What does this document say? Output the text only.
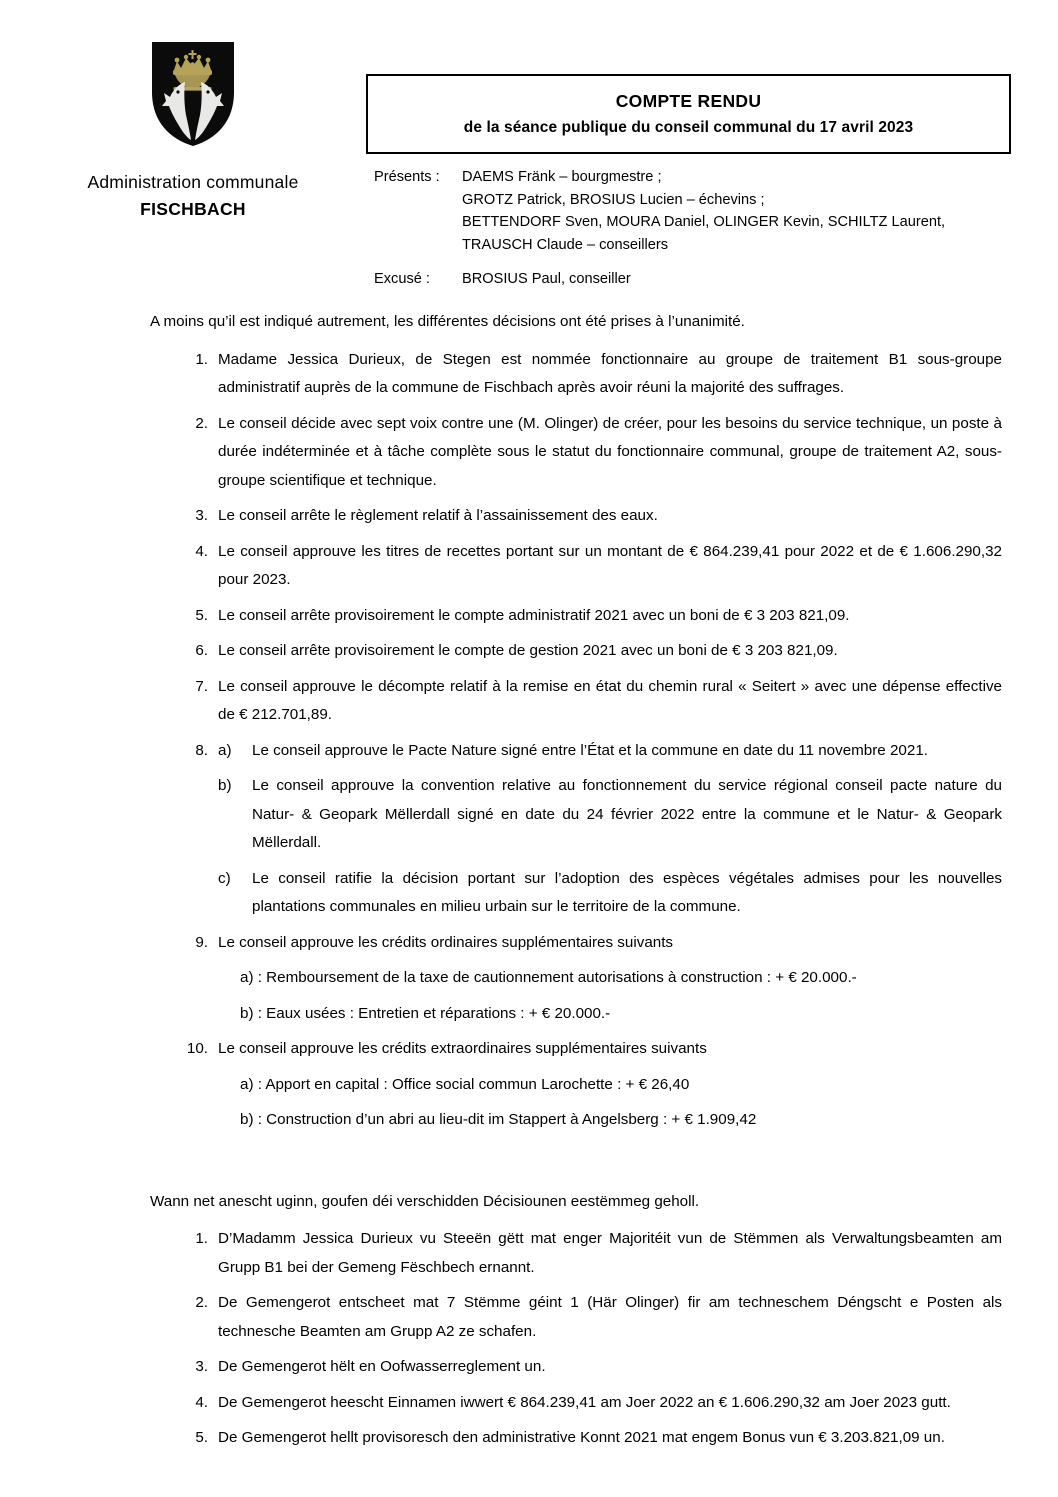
Administration communale
FISCHBACH
COMPTE RENDU
de la séance publique du conseil communal du 17 avril 2023
Présents :	DAEMS Fränk – bourgmestre ;
GROTZ Patrick, BROSIUS Lucien – échevins ;
BETTENDORF Sven, MOURA Daniel, OLINGER Kevin, SCHILTZ Laurent,
TRAUSCH Claude – conseillers
Excusé :	BROSIUS Paul, conseiller

A moins qu’il est indiqué autrement, les différentes décisions ont été prises à l’unanimité.

1. Madame Jessica Durieux, de Stegen est nommée fonctionnaire au groupe de traitement B1 sous-groupe administratif auprès de la commune de Fischbach après avoir réuni la majorité des suffrages.
2. Le conseil décide avec sept voix contre une (M. Olinger) de créer, pour les besoins du service technique, un poste à durée indéterminée et à tâche complète sous le statut du fonctionnaire communal, groupe de traitement A2, sous-groupe scientifique et technique.
3. Le conseil arrête le règlement relatif à l’assainissement des eaux.
4. Le conseil approuve les titres de recettes portant sur un montant de € 864.239,41 pour 2022 et de € 1.606.290,32 pour 2023.
5. Le conseil arrête provisoirement le compte administratif 2021 avec un boni de € 3 203 821,09.
6. Le conseil arrête provisoirement le compte de gestion 2021 avec un boni de € 3 203 821,09.
7. Le conseil approuve le décompte relatif à la remise en état du chemin rural « Seitert » avec une dépense effective de € 212.701,89.
8. a) Le conseil approuve le Pacte Nature signé entre l’État et la commune en date du 11 novembre 2021.
b) Le conseil approuve la convention relative au fonctionnement du service régional conseil pacte nature du Natur- & Geopark Mëllerdall signé en date du 24 février 2022 entre la commune et le Natur- & Geopark Mëllerdall.
c) Le conseil ratifie la décision portant sur l’adoption des espèces végétales admises pour les nouvelles plantations communales en milieu urbain sur le territoire de la commune.
9. Le conseil approuve les crédits ordinaires supplémentaires suivants
a) : Remboursement de la taxe de cautionnement autorisations à construction : + € 20.000.-
b) : Eaux usées : Entretien et réparations : + € 20.000.-
10. Le conseil approuve les crédits extraordinaires supplémentaires suivants
a) : Apport en capital : Office social commun Larochette : + € 26,40
b) : Construction d’un abri au lieu-dit im Stappert à Angelsberg : + € 1.909,42

Wann net anescht uginn, goufen déi verschidden Décisiounen eestëmmeg geholl.

1. D’Madamm Jessica Durieux vu Steeën gëtt mat enger Majoritéit vun de Stëmmen als Verwaltungsbeamten am Grupp B1 bei der Gemeng Fëschbech ernannt.
2. De Gemengerot entscheet mat 7 Stëmme géint 1 (Här Olinger) fir am techneschem Déngscht e Posten als technesche Beamten am Grupp A2 ze schafen.
3. De Gemengerot hëlt en Oofwasserreglement un.
4. De Gemengerot heescht Einnamen iwwert € 864.239,41 am Joer 2022 an € 1.606.290,32 am Joer 2023 gutt.
5. De Gemengerot hellt provisoresch den administrative Konnt 2021 mat engem Bonus vun € 3.203.821,09 un.
